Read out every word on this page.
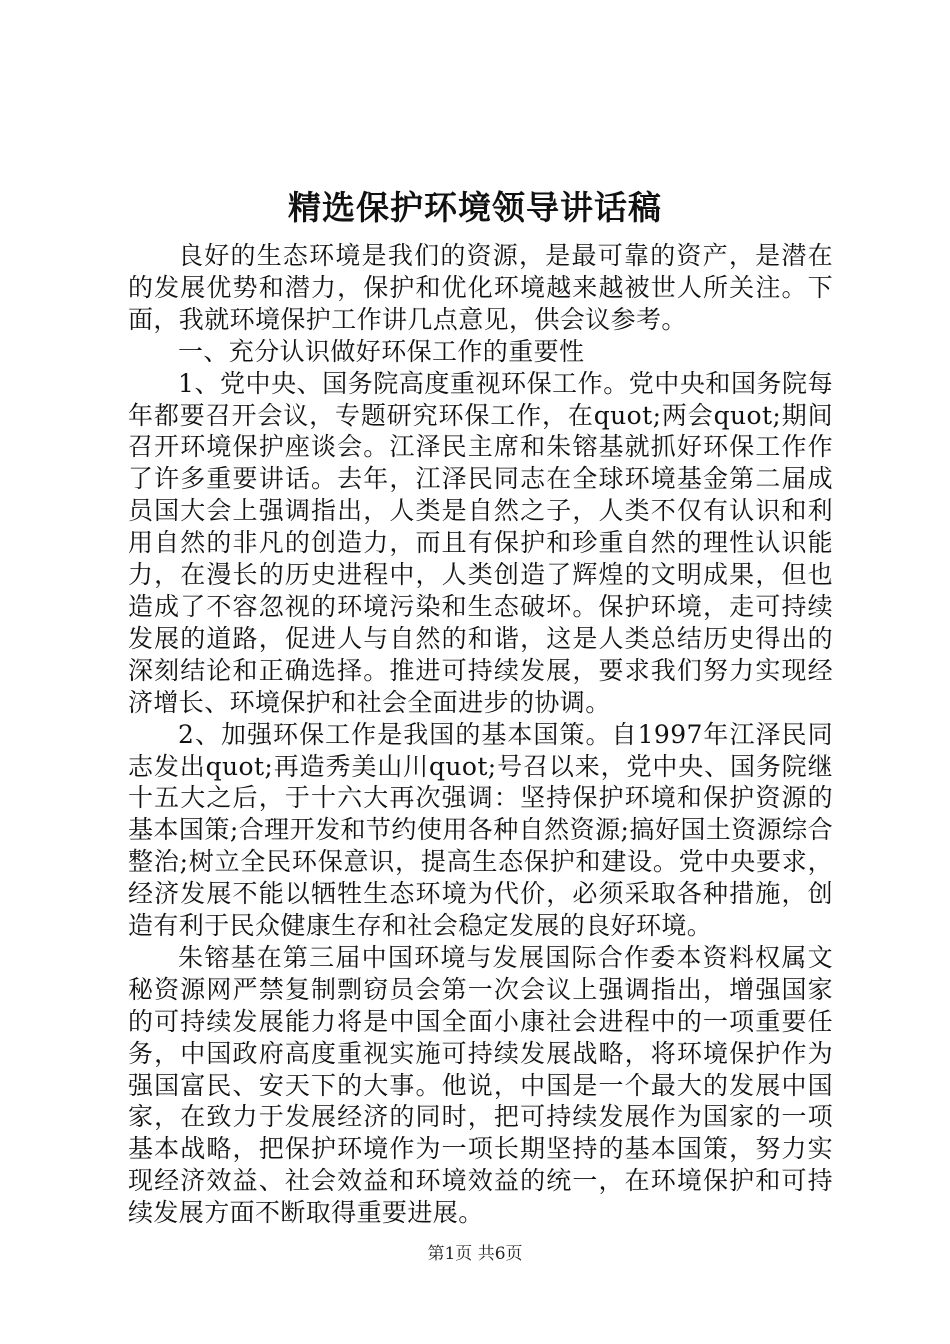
精选保护环境领导讲话稿

良好的生态环境是我们的资源，是最可靠的资产，是潜在的发展优势和潜力，保护和优化环境越来越被世人所关注。下面，我就环境保护工作讲几点意见，供会议参考。

一、充分认识做好环保工作的重要性

1、党中央、国务院高度重视环保工作。党中央和国务院每年都要召开会议，专题研究环保工作，在quot;两会quot;期间召开环境保护座谈会。江泽民主席和朱镕基就抓好环保工作作了许多重要讲话。去年，江泽民同志在全球环境基金第二届成员国大会上强调指出，人类是自然之子，人类不仅有认识和利用自然的非凡的创造力，而且有保护和珍重自然的理性认识能力，在漫长的历史进程中，人类创造了辉煌的文明成果，但也造成了不容忽视的环境污染和生态破坏。保护环境，走可持续发展的道路，促进人与自然的和谐，这是人类总结历史得出的深刻结论和正确选择。推进可持续发展，要求我们努力实现经济增长、环境保护和社会全面进步的协调。

2、加强环保工作是我国的基本国策。自1997年江泽民同志发出quot;再造秀美山川quot;号召以来，党中央、国务院继十五大之后，于十六大再次强调：坚持保护环境和保护资源的基本国策;合理开发和节约使用各种自然资源;搞好国土资源综合整治;树立全民环保意识，提高生态保护和建设。党中央要求，经济发展不能以牺牲生态环境为代价，必须采取各种措施，创造有利于民众健康生存和社会稳定发展的良好环境。

朱镕基在第三届中国环境与发展国际合作委本资料权属文秘资源网严禁复制剽窃员会第一次会议上强调指出，增强国家的可持续发展能力将是中国全面小康社会进程中的一项重要任务，中国政府高度重视实施可持续发展战略，将环境保护作为强国富民、安天下的大事。他说，中国是一个最大的发展中国家，在致力于发展经济的同时，把可持续发展作为国家的一项基本战略，把保护环境作为一项长期坚持的基本国策，努力实现经济效益、社会效益和环境效益的统一，在环境保护和可持续发展方面不断取得重要进展。

第1页 共6页
